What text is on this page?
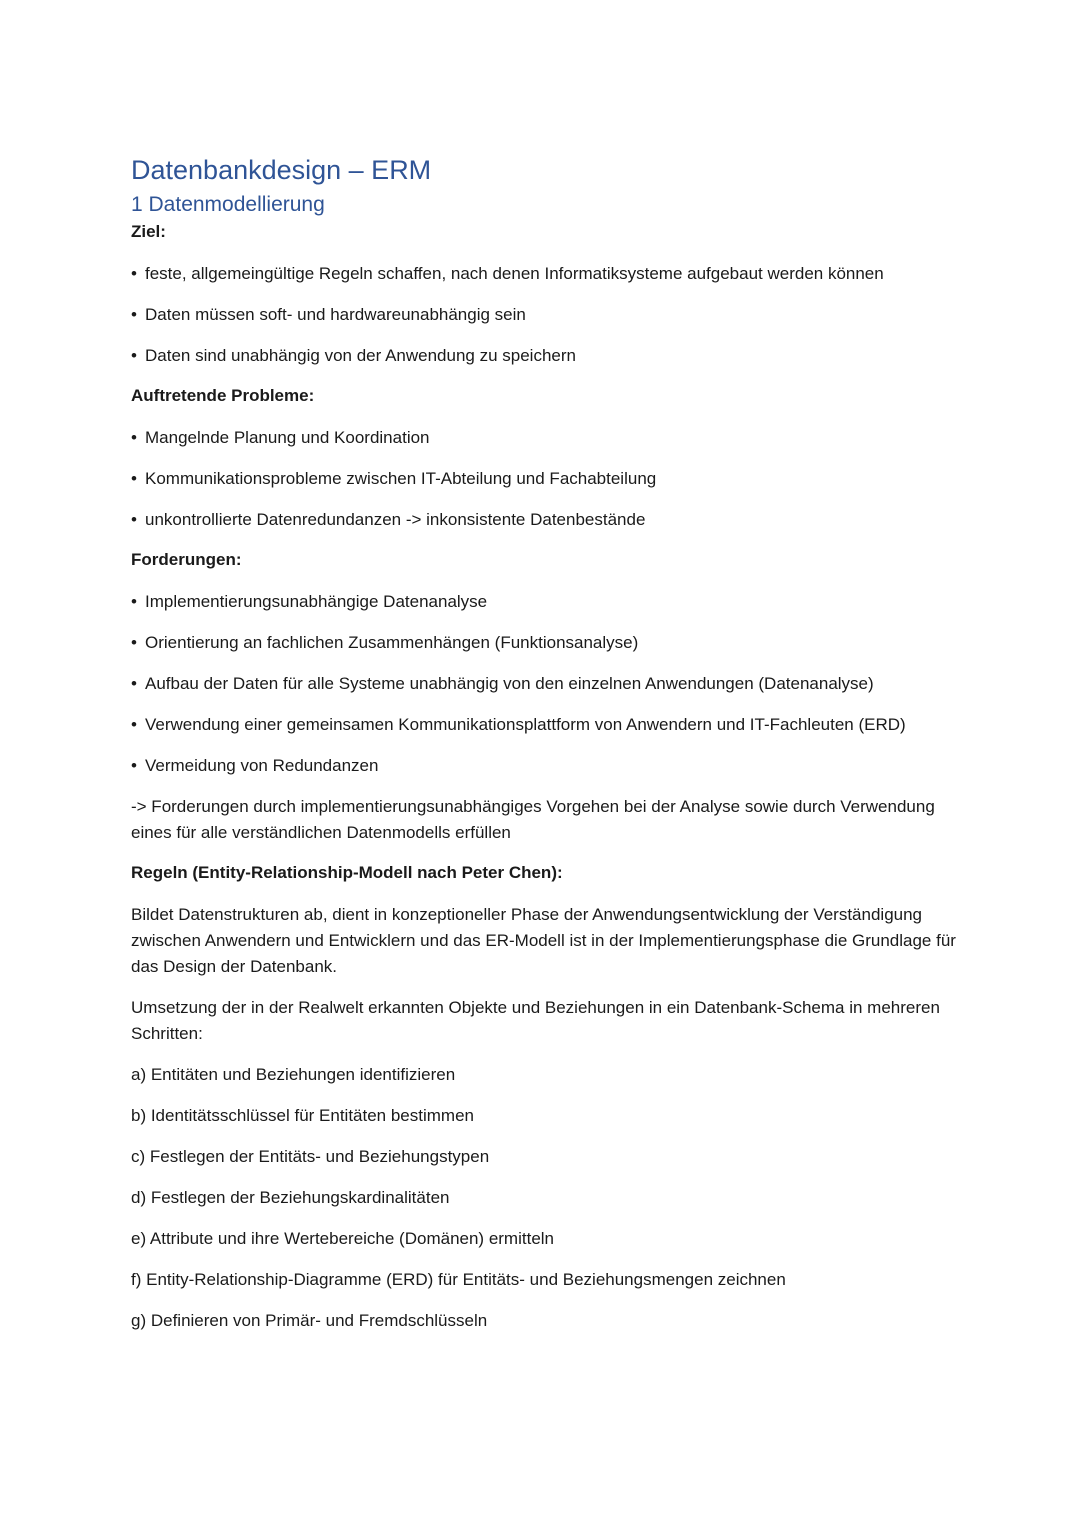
Datenbankdesign – ERM
1 Datenmodellierung
Ziel:
• feste, allgemeingültige Regeln schaffen, nach denen Informatiksysteme aufgebaut werden können
• Daten müssen soft- und hardwareunabhängig sein
• Daten sind unabhängig von der Anwendung zu speichern
Auftretende Probleme:
• Mangelnde Planung und Koordination
• Kommunikationsprobleme zwischen IT-Abteilung und Fachabteilung
• unkontrollierte Datenredundanzen -> inkonsistente Datenbestände
Forderungen:
• Implementierungsunabhängige Datenanalyse
• Orientierung an fachlichen Zusammenhängen (Funktionsanalyse)
• Aufbau der Daten für alle Systeme unabhängig von den einzelnen Anwendungen (Datenanalyse)
• Verwendung einer gemeinsamen Kommunikationsplattform von Anwendern und IT-Fachleuten (ERD)
• Vermeidung von Redundanzen

-> Forderungen durch implementierungsunabhängiges Vorgehen bei der Analyse sowie durch Verwendung eines für alle verständlichen Datenmodells erfüllen

Regeln (Entity-Relationship-Modell nach Peter Chen):

Bildet Datenstrukturen ab, dient in konzeptioneller Phase der Anwendungsentwicklung der Verständigung zwischen Anwendern und Entwicklern und das ER-Modell ist in der Implementierungsphase die Grundlage für das Design der Datenbank.

Umsetzung der in der Realwelt erkannten Objekte und Beziehungen in ein Datenbank-Schema in mehreren Schritten:

a) Entitäten und Beziehungen identifizieren
b) Identitätsschlüssel für Entitäten bestimmen
c) Festlegen der Entitäts- und Beziehungstypen
d) Festlegen der Beziehungskardinalitäten
e) Attribute und ihre Wertebereiche (Domänen) ermitteln
f) Entity-Relationship-Diagramme (ERD) für Entitäts- und Beziehungsmengen zeichnen
g) Definieren von Primär- und Fremdschlüsseln
